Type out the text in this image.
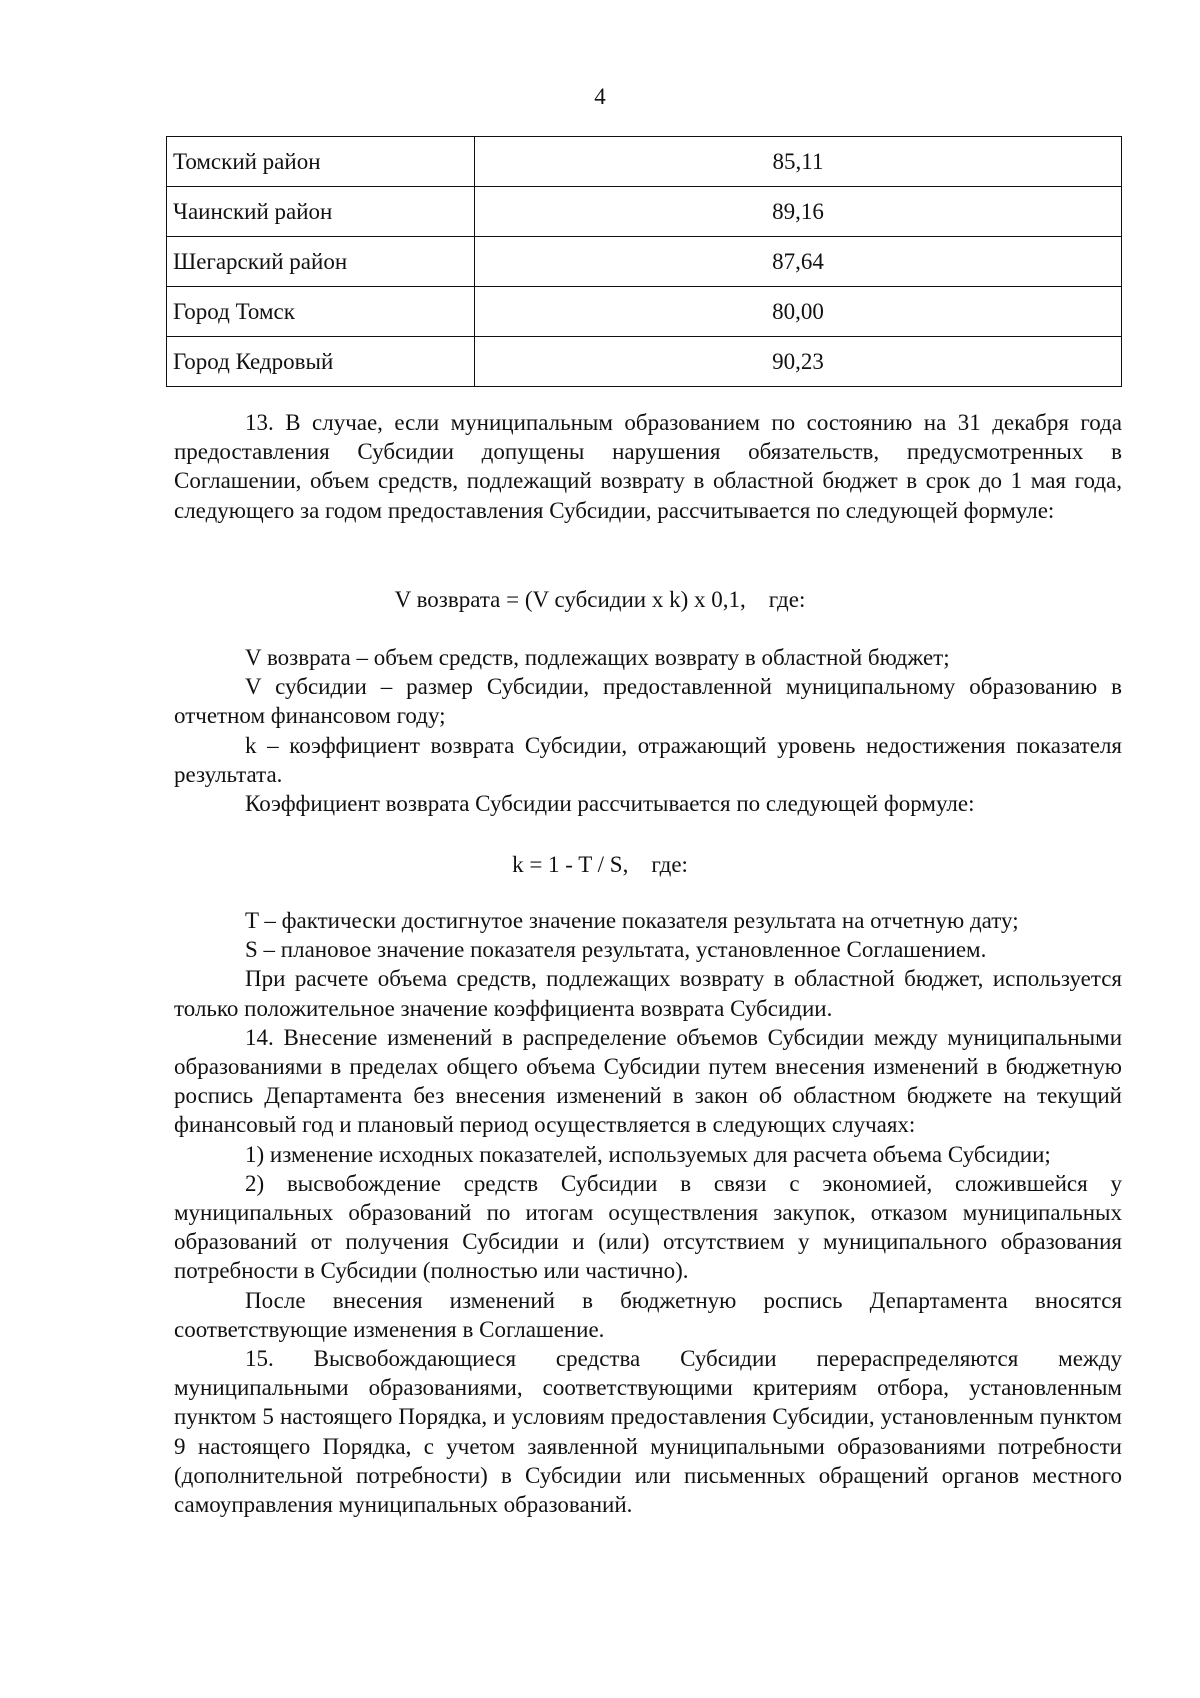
4
Томский район	85,11
Чаинский район	89,16
Шегарский район	87,64
Город Томск	80,00
Город Кедровый	90,23

13. В случае, если муниципальным образованием по состоянию на 31 декабря года предоставления Субсидии допущены нарушения обязательств, предусмотренных в Соглашении, объем средств, подлежащий возврату в областной бюджет в срок до 1 мая года, следующего за годом предоставления Субсидии, рассчитывается по следующей формуле:

V возврата = (V субсидии x k) x 0,1,    где:

V возврата – объем средств, подлежащих возврату в областной бюджет;

V субсидии – размер Субсидии, предоставленной муниципальному образованию в отчетном финансовом году;

k – коэффициент возврата Субсидии, отражающий уровень недостижения показателя результата.

Коэффициент возврата Субсидии рассчитывается по следующей формуле:

k = 1 - T / S,    где:

T – фактически достигнутое значение показателя результата на отчетную дату;

S – плановое значение показателя результата, установленное Соглашением.

При расчете объема средств, подлежащих возврату в областной бюджет, используется только положительное значение коэффициента возврата Субсидии.

14. Внесение изменений в распределение объемов Субсидии между муниципальными образованиями в пределах общего объема Субсидии путем внесения изменений в бюджетную роспись Департамента без внесения изменений в закон об областном бюджете на текущий финансовый год и плановый период осуществляется в следующих случаях:

1) изменение исходных показателей, используемых для расчета объема Субсидии;

2) высвобождение средств Субсидии в связи с экономией, сложившейся у муниципальных образований по итогам осуществления закупок, отказом муниципальных образований от получения Субсидии и (или) отсутствием у муниципального образования потребности в Субсидии (полностью или частично).

После внесения изменений в бюджетную роспись Департамента вносятся соответствующие изменения в Соглашение.

15. Высвобождающиеся средства Субсидии перераспределяются между муниципальными образованиями, соответствующими критериям отбора, установленным пунктом 5 настоящего Порядка, и условиям предоставления Субсидии, установленным пунктом 9 настоящего Порядка, с учетом заявленной муниципальными образованиями потребности (дополнительной потребности) в Субсидии или письменных обращений органов местного самоуправления муниципальных образований.
